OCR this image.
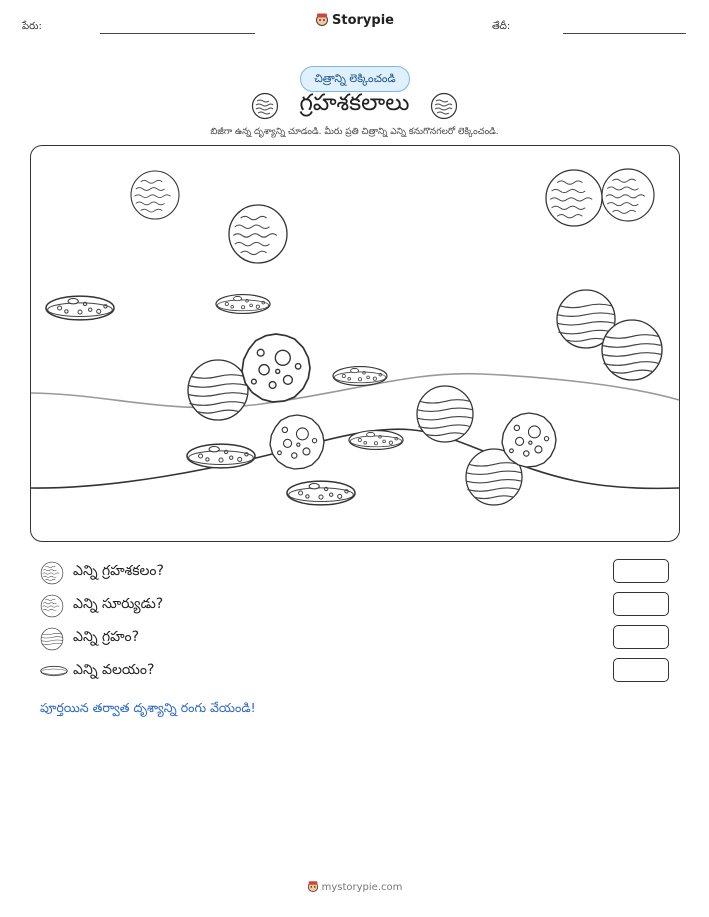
పేరు:	Storypie	తేదీ:
చిత్రాన్ని లెక్కించండి
గ్రహశకలాలు
బిజీగా ఉన్న దృశ్యాన్ని చూడండి. మీరు ప్రతి చిత్రాన్ని ఎన్ని కనుగొనగలరో లెక్కించండి.
ఎన్ని గ్రహశకలం?
ఎన్ని సూర్యుడు?
ఎన్ని గ్రహం?
ఎన్ని వలయం?
పూర్తయిన తర్వాత దృశ్యాన్ని రంగు వేయండి!
mystorypie.com
